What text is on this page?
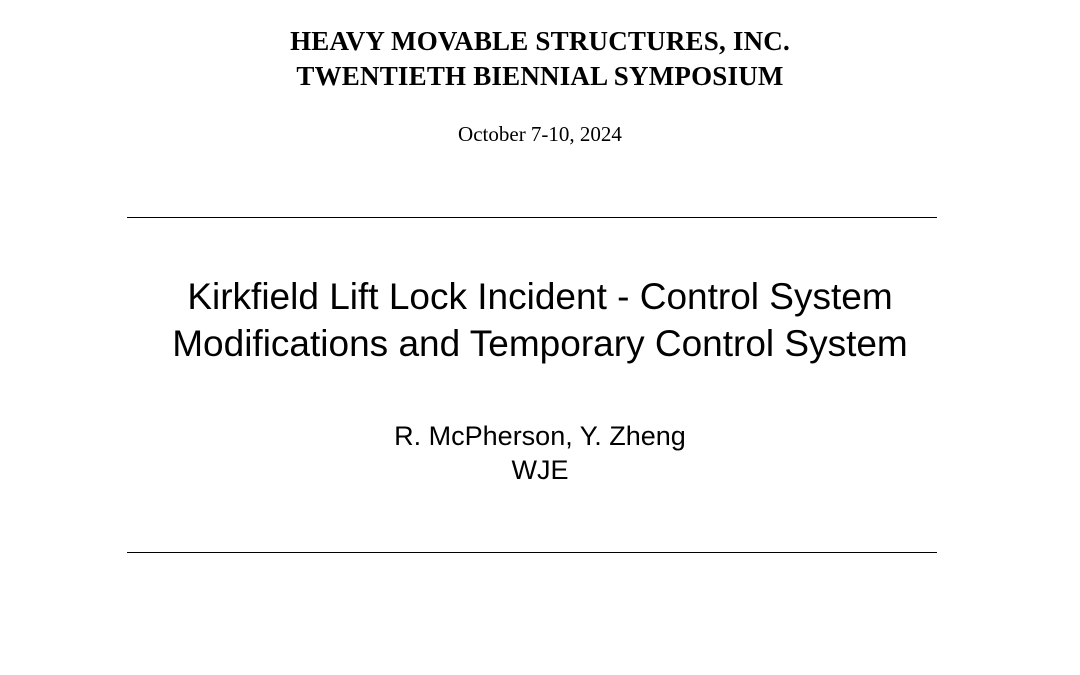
HEAVY MOVABLE STRUCTURES, INC.
TWENTIETH BIENNIAL SYMPOSIUM
October 7-10, 2024
Kirkfield Lift Lock Incident - Control System Modifications and Temporary Control System
R. McPherson, Y. Zheng
WJE
